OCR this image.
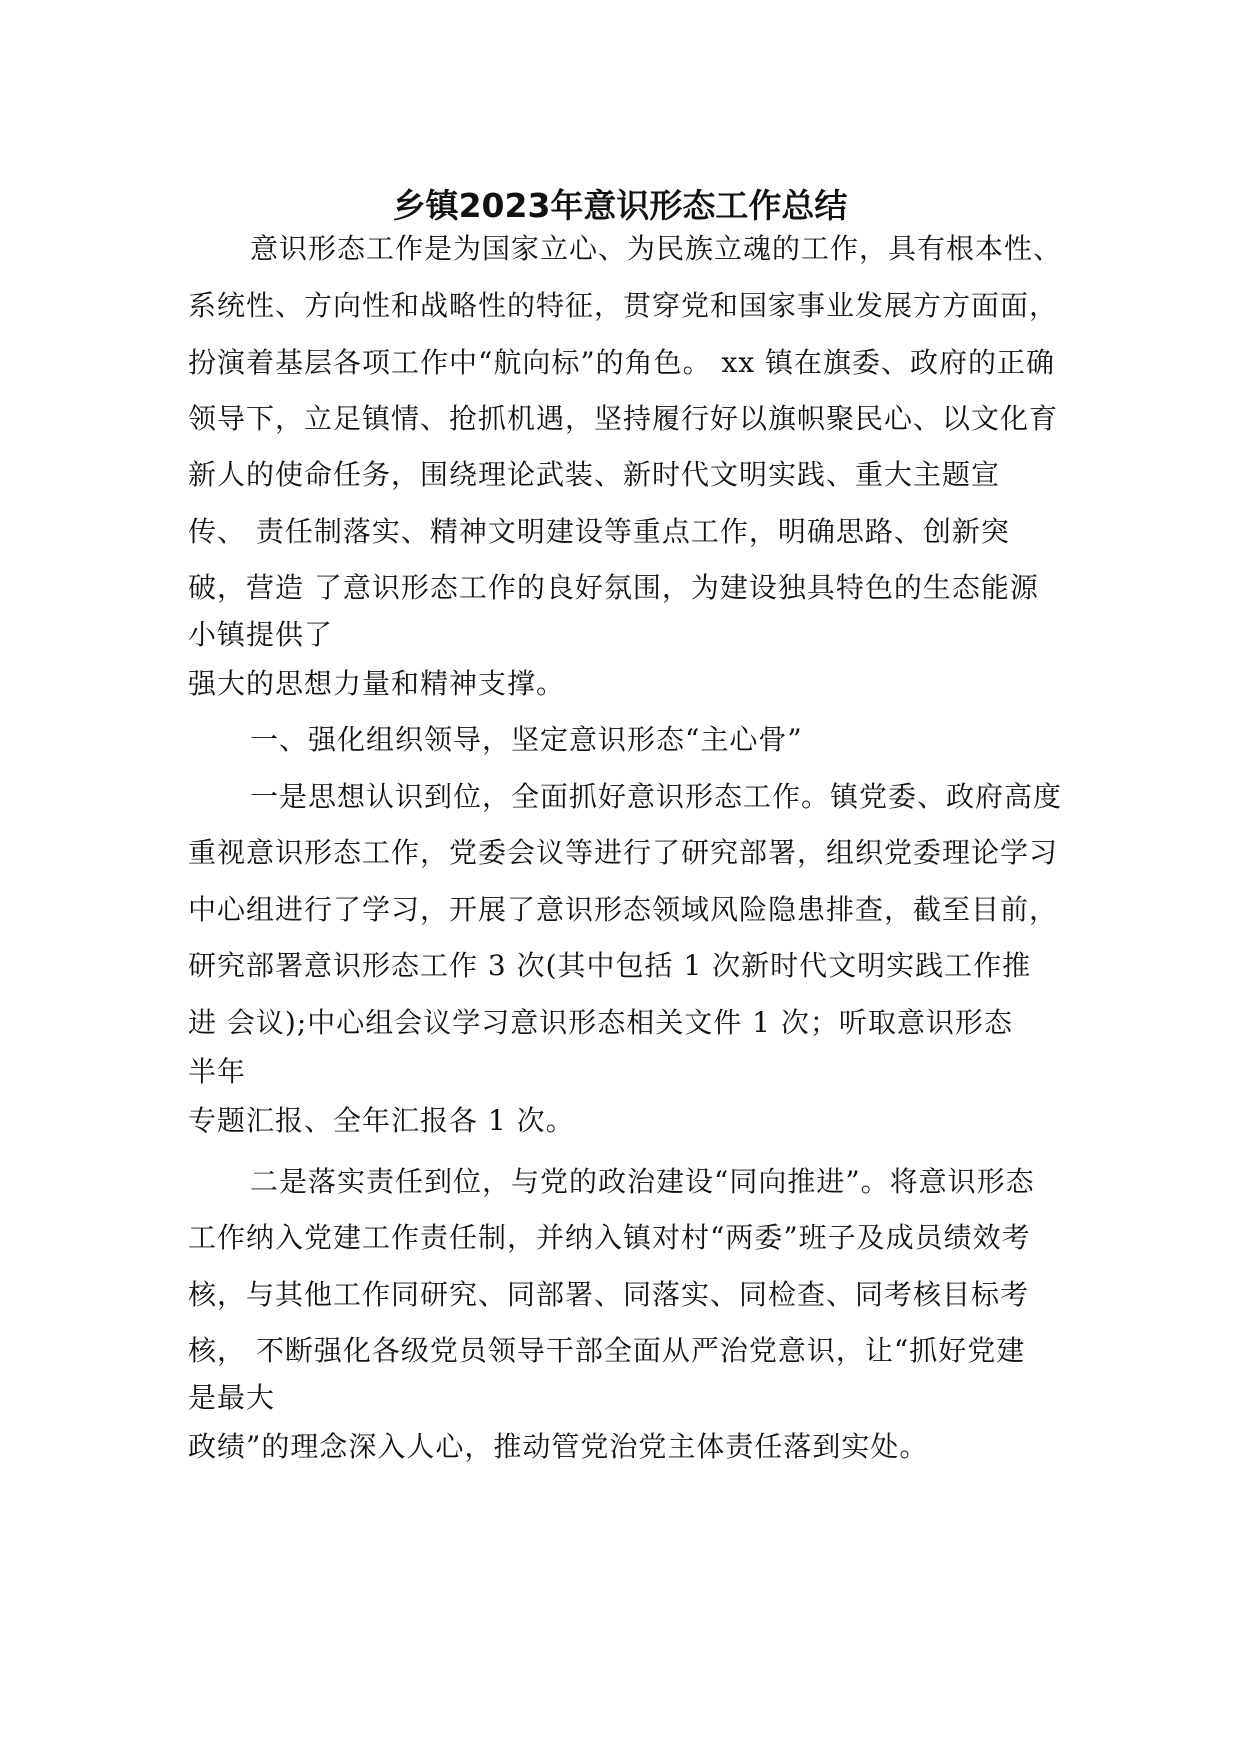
乡镇2023年意识形态工作总结
意识形态工作是为国家立心、为民族立魂的工作，具有根本性、
系统性、方向性和战略性的特征，贯穿党和国家事业发展方方面面，
扮演着基层各项工作中“航向标”的角色。 xx 镇在旗委、政府的正确
领导下，立足镇情、抢抓机遇，坚持履行好以旗帜聚民心、以文化育
新人的使命任务，围绕理论武装、新时代文明实践、重大主题宣
传、 责任制落实、精神文明建设等重点工作，明确思路、创新突
破，营造 了意识形态工作的良好氛围，为建设独具特色的生态能源
小镇提供了
强大的思想力量和精神支撑。
一、强化组织领导，坚定意识形态“主心骨”
一是思想认识到位，全面抓好意识形态工作。镇党委、政府高度
重视意识形态工作，党委会议等进行了研究部署，组织党委理论学习
中心组进行了学习，开展了意识形态领域风险隐患排查，截至目前，
研究部署意识形态工作 3 次(其中包括 1 次新时代文明实践工作推
进 会议);中心组会议学习意识形态相关文件 1 次；听取意识形态
半年
专题汇报、全年汇报各 1 次。
二是落实责任到位，与党的政治建设“同向推进”。将意识形态
工作纳入党建工作责任制，并纳入镇对村“两委”班子及成员绩效考
核，与其他工作同研究、同部署、同落实、同检查、同考核目标考
核， 不断强化各级党员领导干部全面从严治党意识，让“抓好党建
是最大
政绩”的理念深入人心，推动管党治党主体责任落到实处。
